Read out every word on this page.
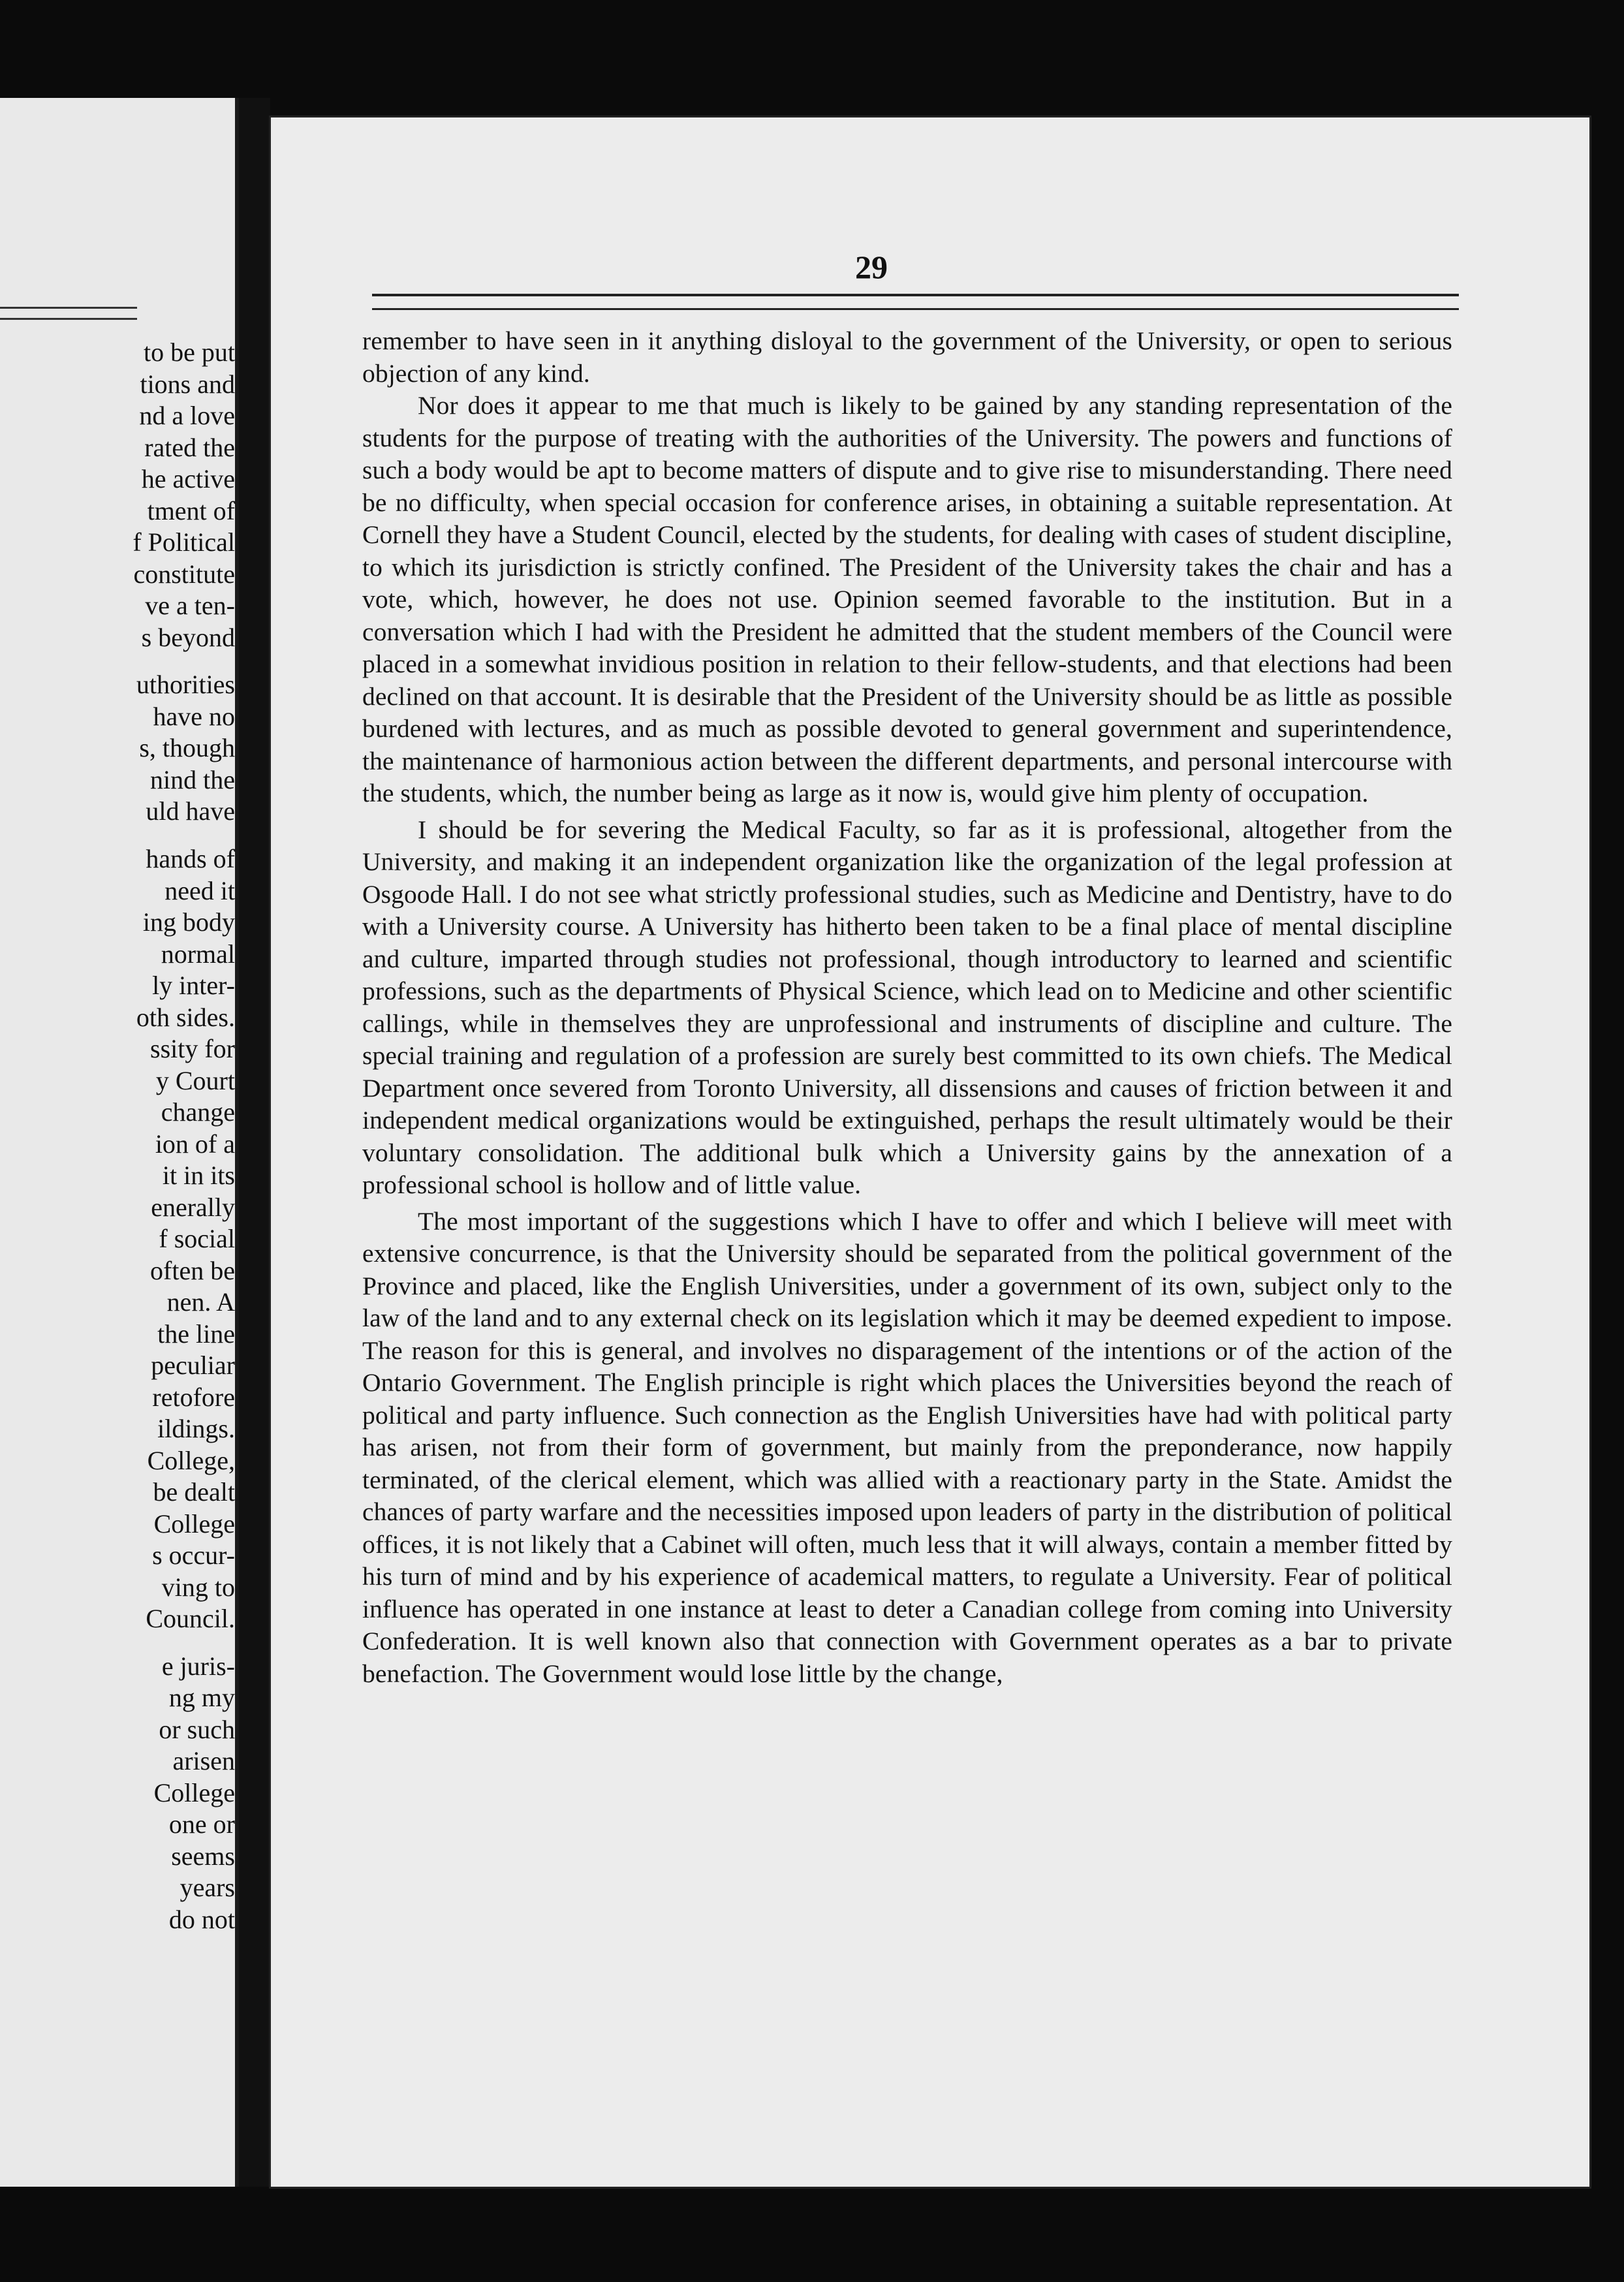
to be put
tions and
nd a love
rated the
he active
tment of
f Political
constitute
ve a ten-
s beyond
uthorities
have no
s, though
nind the
uld have
hands of
need it
ing body
normal
ly inter-
oth sides.
ssity for
y Court
change
ion of a
it in its
enerally
f social
often be
nen. A
the line
peculiar
retofore
ildings.
College,
be dealt
College
s occur-
ving to
Council.
e juris-
ng my
or such
arisen
College
one or
seems
years
do not
29

remember to have seen in it anything disloyal to the government of the University, or open to serious objection of any kind.

Nor does it appear to me that much is likely to be gained by any standing representation of the students for the purpose of treating with the authorities of the University. The powers and functions of such a body would be apt to become matters of dispute and to give rise to misunderstanding. There need be no difficulty, when special occasion for conference arises, in obtaining a suitable representation. At Cornell they have a Student Council, elected by the students, for dealing with cases of student discipline, to which its jurisdiction is strictly confined. The President of the University takes the chair and has a vote, which, however, he does not use. Opinion seemed favorable to the institution. But in a conversation which I had with the President he admitted that the student members of the Council were placed in a somewhat invidious position in relation to their fellow-students, and that elections had been declined on that account. It is desirable that the President of the University should be as little as possible burdened with lectures, and as much as possible devoted to general government and superintendence, the maintenance of harmonious action between the different departments, and personal intercourse with the students, which, the number being as large as it now is, would give him plenty of occupation.

I should be for severing the Medical Faculty, so far as it is professional, altogether from the University, and making it an independent organization like the organization of the legal profession at Osgoode Hall. I do not see what strictly professional studies, such as Medicine and Dentistry, have to do with a University course. A University has hitherto been taken to be a final place of mental discipline and culture, imparted through studies not professional, though introductory to learned and scientific professions, such as the departments of Physical Science, which lead on to Medicine and other scientific callings, while in themselves they are unprofessional and instruments of discipline and culture. The special training and regulation of a profession are surely best committed to its own chiefs. The Medical Department once severed from Toronto University, all dissensions and causes of friction between it and independent medical organizations would be extinguished, perhaps the result ultimately would be their voluntary consolidation. The additional bulk which a University gains by the annexation of a professional school is hollow and of little value.

The most important of the suggestions which I have to offer and which I believe will meet with extensive concurrence, is that the University should be separated from the political government of the Province and placed, like the English Universities, under a government of its own, subject only to the law of the land and to any external check on its legislation which it may be deemed expedient to impose. The reason for this is general, and involves no disparagement of the intentions or of the action of the Ontario Government. The English principle is right which places the Universities beyond the reach of political and party influence. Such connection as the English Universities have had with political party has arisen, not from their form of government, but mainly from the preponderance, now happily terminated, of the clerical element, which was allied with a reactionary party in the State. Amidst the chances of party warfare and the necessities imposed upon leaders of party in the distribution of political offices, it is not likely that a Cabinet will often, much less that it will always, contain a member fitted by his turn of mind and by his experience of academical matters, to regulate a University. Fear of political influence has operated in one instance at least to deter a Canadian college from coming into University Confederation. It is well known also that connection with Government operates as a bar to private benefaction. The Government would lose little by the change,
